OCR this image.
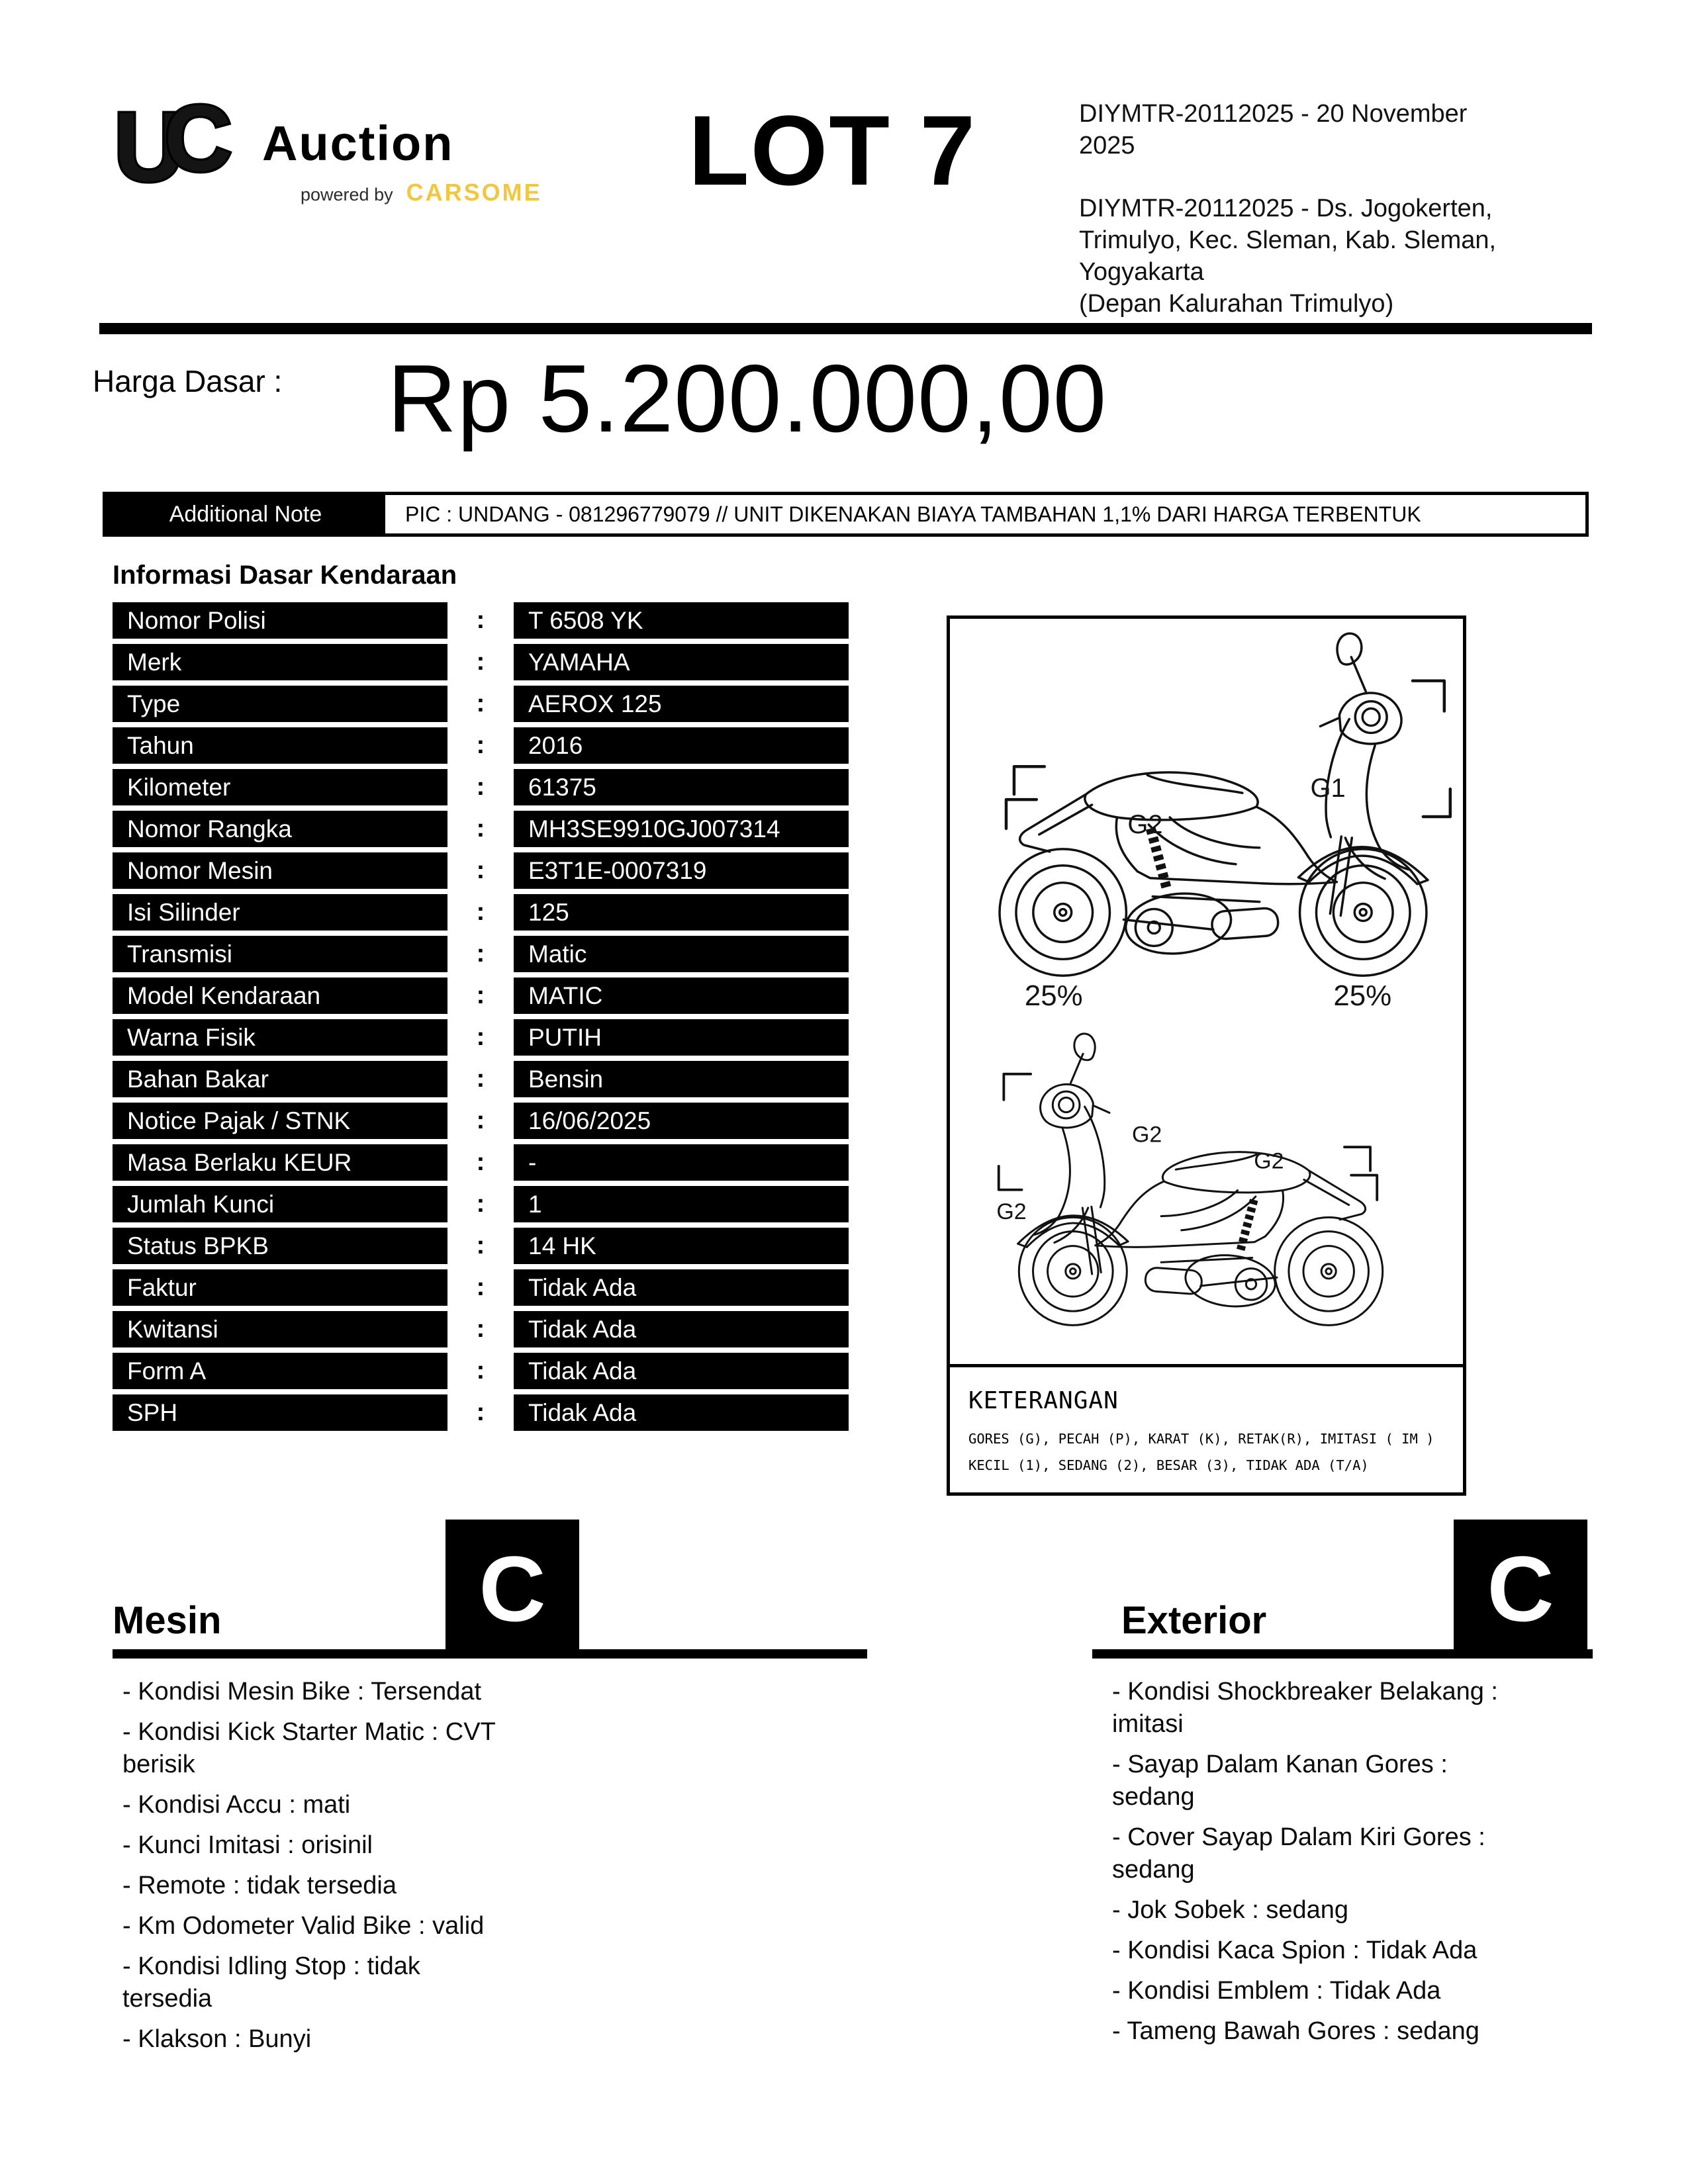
U
C Auction
powered by CARSOME LOT 7	DIYMTR-20112025 - 20 November 2025
DIYMTR-20112025 - Ds. Jogokerten, Trimulyo, Kec. Sleman, Kab. Sleman, Yogyakarta
(Depan Kalurahan Trimulyo)
Harga Dasar : Rp 5.200.000,00
Additional Note	PIC : UNDANG - 081296779079 // UNIT DIKENAKAN BIAYA TAMBAHAN 1,1% DARI HARGA TERBENTUK
Informasi Dasar Kendaraan
Nomor Polisi	:	T 6508 YK
Merk	:	YAMAHA
Type	:	AEROX 125
Tahun	:	2016
Kilometer	:	61375
Nomor Rangka	:	MH3SE9910GJ007314
Nomor Mesin	:	E3T1E-0007319
Isi Silinder	:	125
Transmisi	:	Matic
Model Kendaraan	:	MATIC
Warna Fisik	:	PUTIH
Bahan Bakar	:	Bensin
Notice Pajak / STNK	:	16/06/2025
Masa Berlaku KEUR	:	-
Jumlah Kunci	:	1
Status BPKB	:	14 HK
Faktur	:	Tidak Ada
Kwitansi	:	Tidak Ada
Form A	:	Tidak Ada
SPH	:	Tidak Ada
G2
G1
25%	25%
G2
G2
G2
KETERANGAN
GORES (G), PECAH (P), KARAT (K), RETAK(R), IMITASI ( IM )
KECIL (1), SEDANG (2), BESAR (3), TIDAK ADA (T/A)
Mesin	C
- Kondisi Mesin Bike : Tersendat
- Kondisi Kick Starter Matic : CVT berisik
- Kondisi Accu : mati
- Kunci Imitasi : orisinil
- Remote : tidak tersedia
- Km Odometer Valid Bike : valid
- Kondisi Idling Stop : tidak tersedia
- Klakson : Bunyi
Exterior	C
- Kondisi Shockbreaker Belakang : imitasi
- Sayap Dalam Kanan Gores : sedang
- Cover Sayap Dalam Kiri Gores : sedang
- Jok Sobek : sedang
- Kondisi Kaca Spion : Tidak Ada
- Kondisi Emblem : Tidak Ada
- Tameng Bawah Gores : sedang
